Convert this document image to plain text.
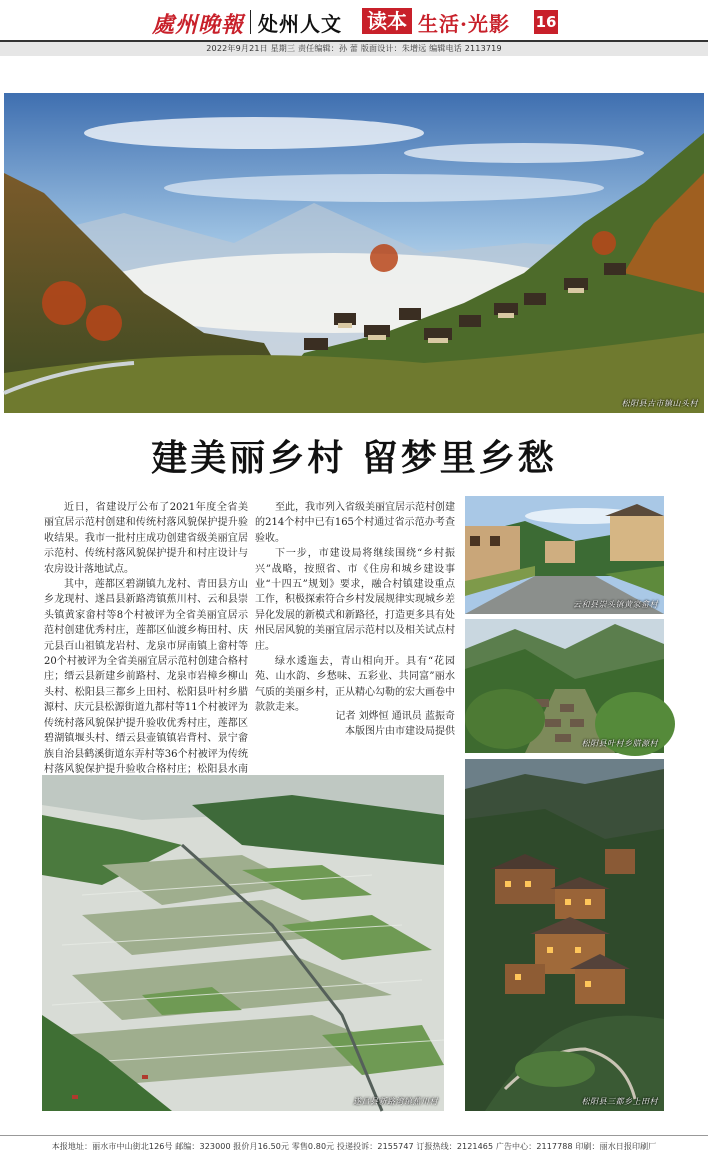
處州晚報 处州人文 读本 生活·光影 16
2022年9月21日 星期三 责任编辑：孙 蕾 版面设计：朱增远 编辑电话 2113719
松阳县古市镇山头村
建美丽乡村 留梦里乡愁

近日，省建设厅公布了2021年度全省美丽宜居示范村创建和传统村落风貌保护提升验收结果。我市一批村庄成功创建省级美丽宜居示范村、传统村落风貌保护提升和村庄设计与农房设计落地试点。

其中，莲都区碧湖镇九龙村、青田县方山乡龙现村、遂昌县新路湾镇蕉川村、云和县崇头镇黄家畲村等8个村被评为全省美丽宜居示范村创建优秀村庄，莲都区仙渡乡梅田村、庆元县百山祖镇龙岩村、龙泉市屏南镇上畲村等20个村被评为全省美丽宜居示范村创建合格村庄；缙云县新建乡前路村、龙泉市岩樟乡柳山头村、松阳县三都乡上田村、松阳县叶村乡腊源村、庆元县松源街道九都村等11个村被评为传统村落风貌保护提升验收优秀村庄，莲都区碧湖镇堰头村、缙云县壶镇镇岩背村、景宁畲族自治县鹤溪街道东弄村等36个村被评为传统村落风貌保护提升验收合格村庄；松阳县水南

至此，我市列入省级美丽宜居示范村创建的214个村中已有165个村通过省示范办考查验收。

下一步，市建设局将继续围绕“乡村振兴”战略，按照省、市《住房和城乡建设事业“十四五”规划》要求，融合村镇建设重点工作，积极探索符合乡村发展规律实现城乡差异化发展的新模式和新路径，打造更多具有处州民居风貌的美丽宜居示范村以及相关试点村庄。

绿水逶迤去，青山相向开。具有“花园苑、山水韵、乡愁味、五彩业、共同富”丽水气质的美丽乡村，正从精心勾勒的宏大画卷中款款走来。

记者 刘烨恒 通讯员 蓝振奇
本版图片由市建设局提供
云和县崇头镇黄家畲村
松阳县叶村乡腊源村
松阳县三都乡上田村
遂昌县新路湾镇蕉川村
本报地址：丽水市中山街北126号 邮编：323000 报价月16.50元 零售0.80元 投递投诉：2155747 订报热线：2121465 广告中心：2117788 印刷：丽水日报印刷厂
